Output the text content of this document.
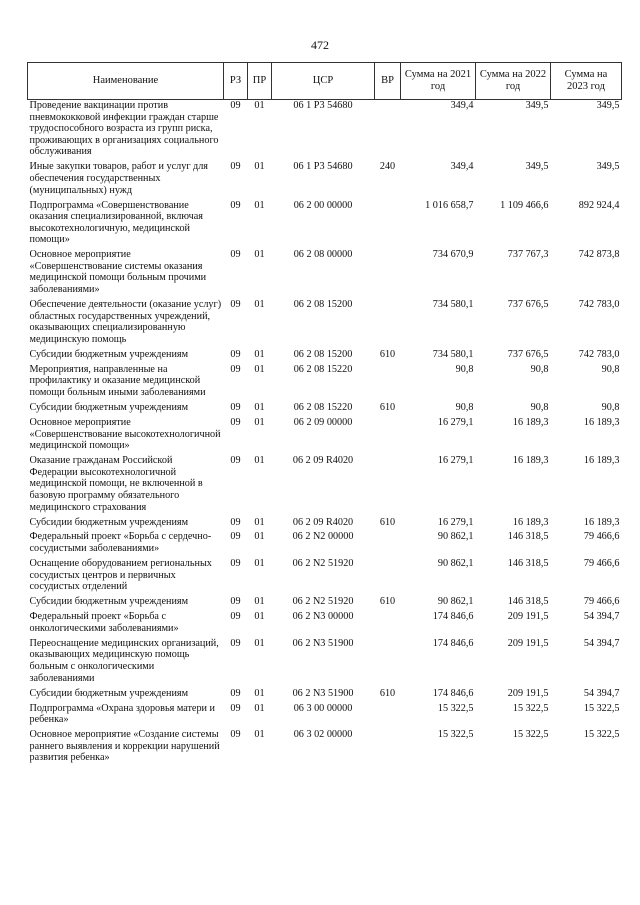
472
Наименование	РЗ	ПР	ЦСР	ВР	Сумма на 2021 год	Сумма на 2022 год	Сумма на 2023 год
Проведение вакцинации против пневмококковой инфекции граждан старше трудоспособного возраста из групп риска, проживающих в организациях социального обслуживания	09	01	06 1 Р3 54680		349,4	349,5	349,5
Иные закупки товаров, работ и услуг для обеспечения государственных (муниципальных) нужд	09	01	06 1 Р3 54680	240	349,4	349,5	349,5
Подпрограмма «Совершенствование оказания специализированной, включая высокотехнологичную, медицинской помощи»	09	01	06 2 00 00000		1 016 658,7	1 109 466,6	892 924,4
Основное мероприятие «Совершенствование системы оказания медицинской помощи больным прочими заболеваниями»	09	01	06 2 08 00000		734 670,9	737 767,3	742 873,8
Обеспечение деятельности (оказание услуг) областных государственных учреждений, оказывающих специализированную медицинскую помощь	09	01	06 2 08 15200		734 580,1	737 676,5	742 783,0
Субсидии бюджетным учреждениям	09	01	06 2 08 15200	610	734 580,1	737 676,5	742 783,0
Мероприятия, направленные на профилактику и оказание медицинской помощи больным иными заболеваниями	09	01	06 2 08 15220		90,8	90,8	90,8
Субсидии бюджетным учреждениям	09	01	06 2 08 15220	610	90,8	90,8	90,8
Основное мероприятие «Совершенствование высокотехнологичной медицинской помощи»	09	01	06 2 09 00000		16 279,1	16 189,3	16 189,3
Оказание гражданам Российской Федерации высокотехнологичной медицинской помощи, не включенной в базовую программу обязательного медицинского страхования	09	01	06 2 09 R4020		16 279,1	16 189,3	16 189,3
Субсидии бюджетным учреждениям	09	01	06 2 09 R4020	610	16 279,1	16 189,3	16 189,3
Федеральный проект «Борьба с сердечно-сосудистыми заболеваниями»	09	01	06 2 N2 00000		90 862,1	146 318,5	79 466,6
Оснащение оборудованием региональных сосудистых центров и первичных сосудистых отделений	09	01	06 2 N2 51920		90 862,1	146 318,5	79 466,6
Субсидии бюджетным учреждениям	09	01	06 2 N2 51920	610	90 862,1	146 318,5	79 466,6
Федеральный проект «Борьба с онкологическими заболеваниями»	09	01	06 2 N3 00000		174 846,6	209 191,5	54 394,7
Переоснащение медицинских организаций, оказывающих медицинскую помощь больным с онкологическими заболеваниями	09	01	06 2 N3 51900		174 846,6	209 191,5	54 394,7
Субсидии бюджетным учреждениям	09	01	06 2 N3 51900	610	174 846,6	209 191,5	54 394,7
Подпрограмма «Охрана здоровья матери и ребенка»	09	01	06 3 00 00000		15 322,5	15 322,5	15 322,5
Основное мероприятие «Создание системы раннего выявления и коррекции нарушений развития ребенка»	09	01	06 3 02 00000		15 322,5	15 322,5	15 322,5
